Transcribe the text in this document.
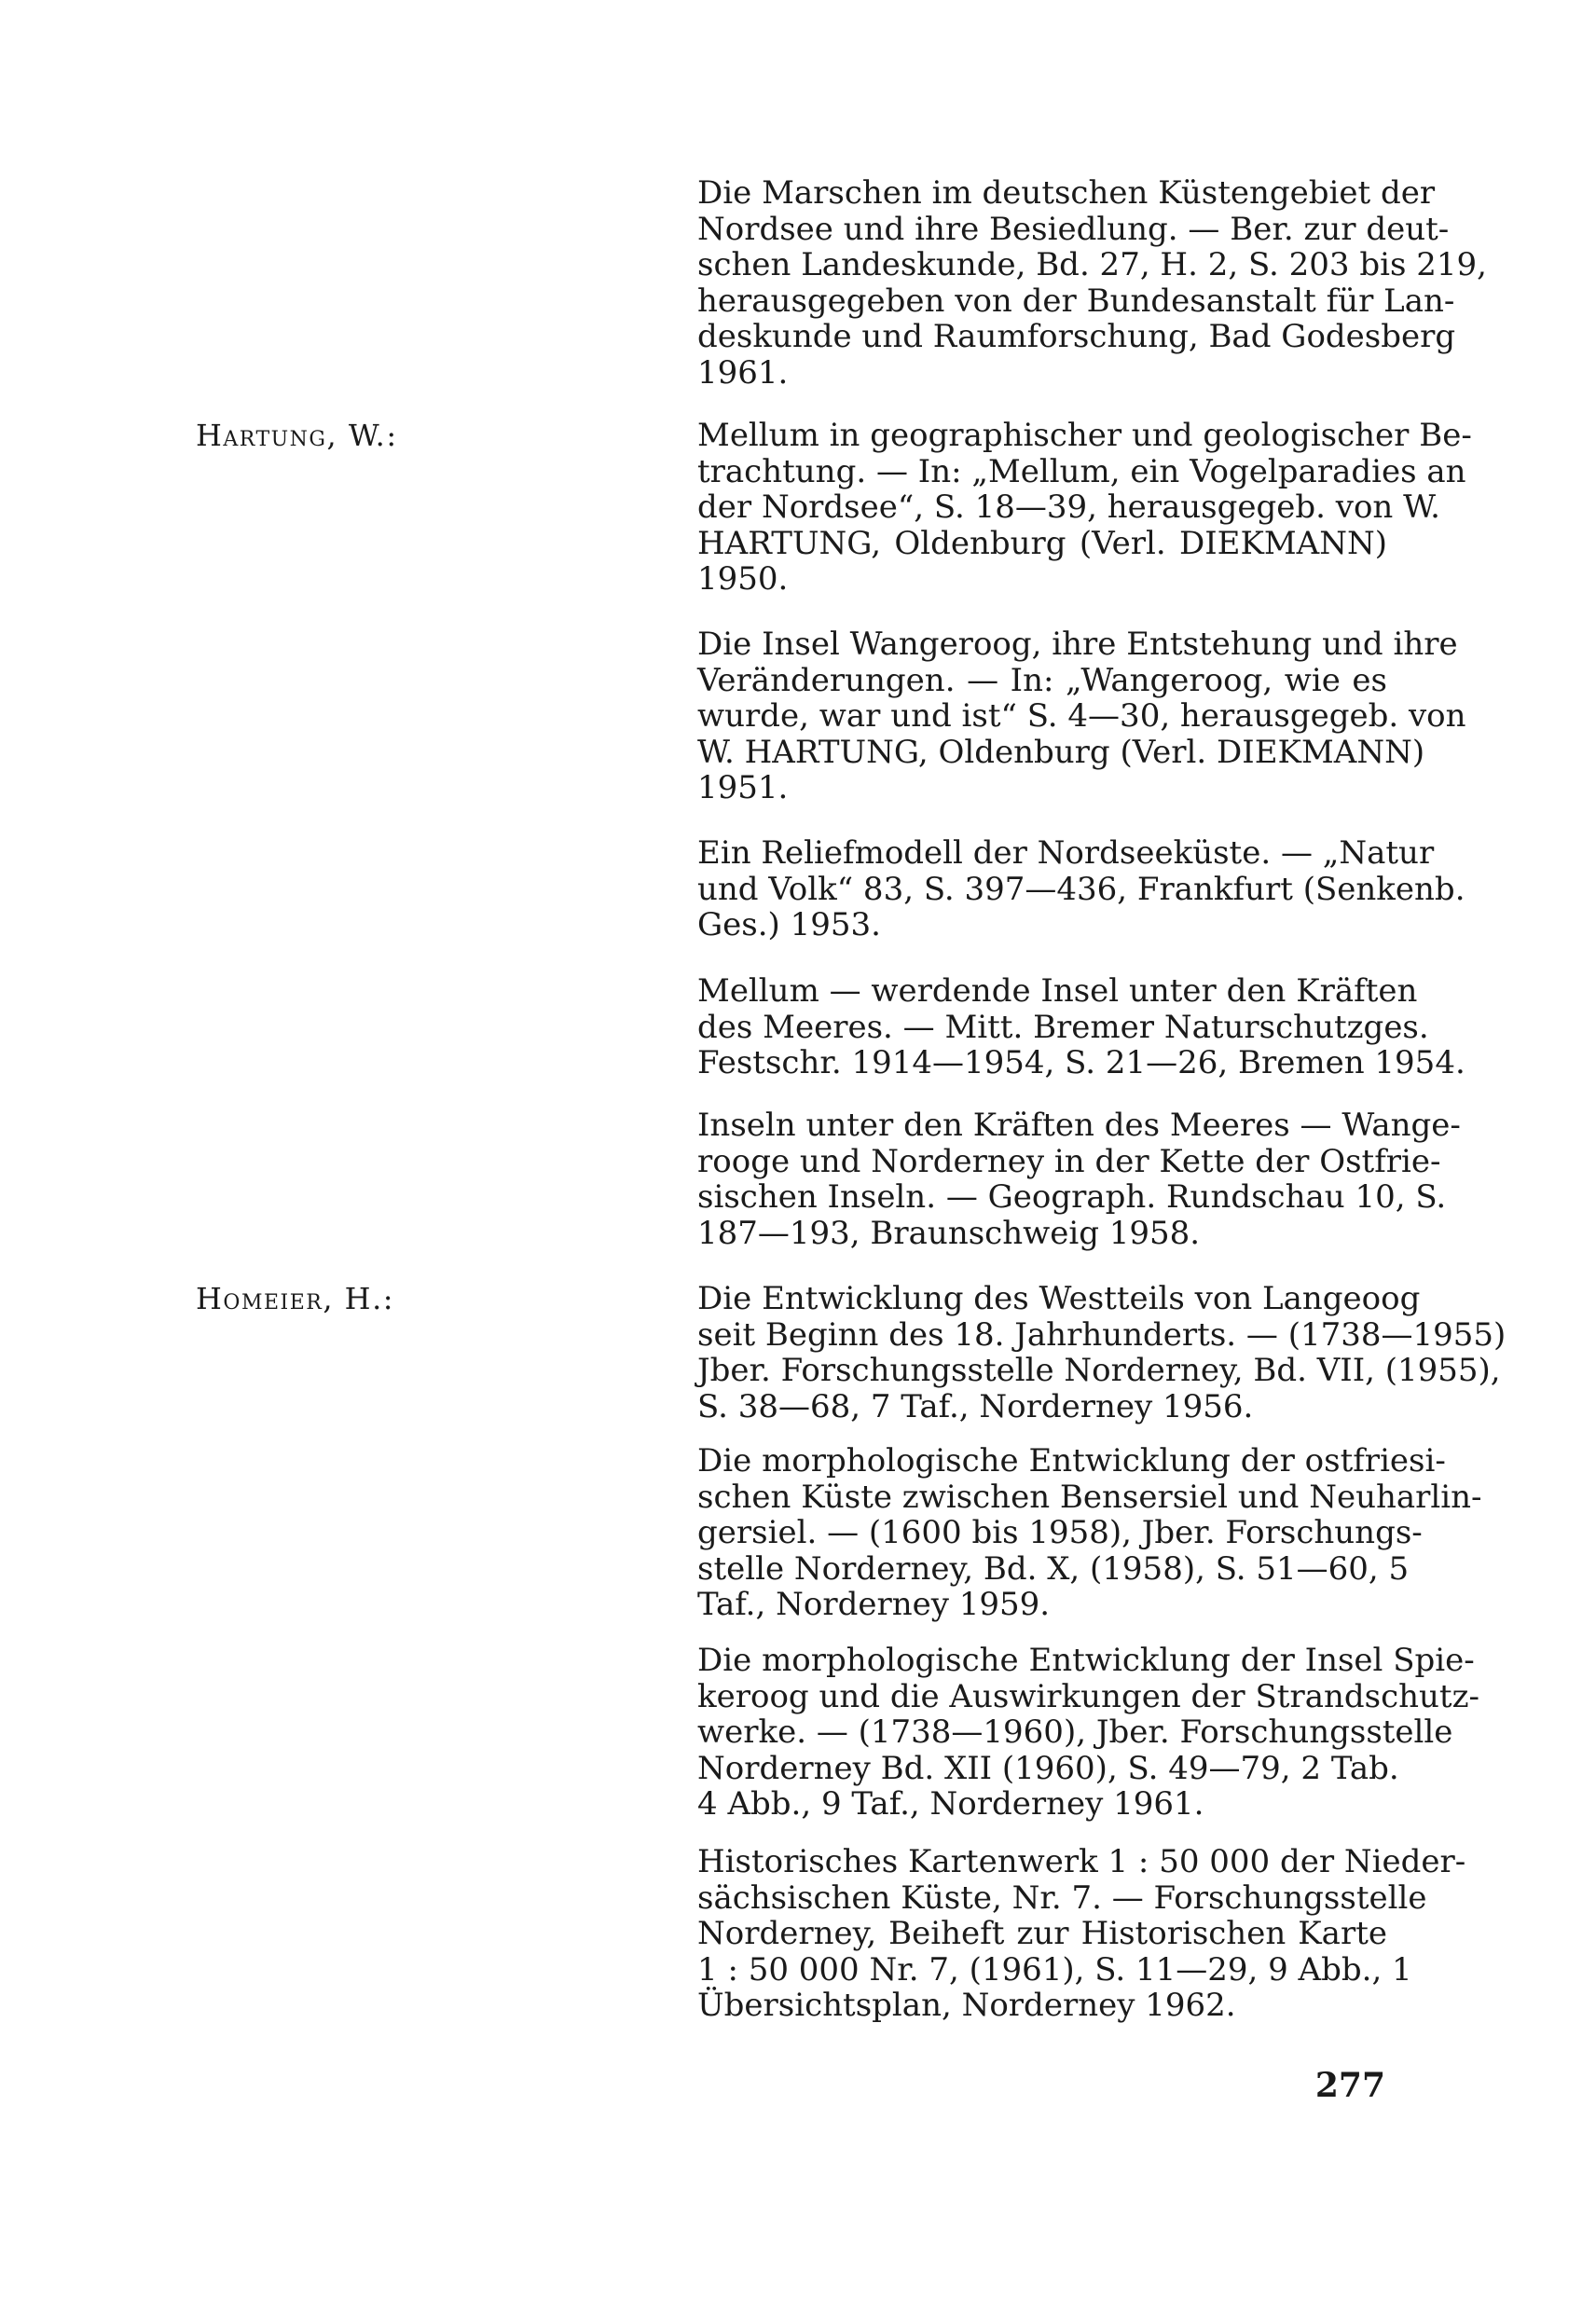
Hartung, W.:
Homeier, H.:
Die Marschen im deutschen Küstengebiet der
Nordsee und ihre Besiedlung. — Ber. zur deut-
schen Landeskunde, Bd. 27, H. 2, S. 203 bis 219,
herausgegeben von der Bundesanstalt für Lan-
deskunde und Raumforschung, Bad Godesberg
1961.
Mellum in geographischer und geologischer Be-
trachtung. — In: „Mellum, ein Vogelparadies an
der Nordsee“, S. 18—39, herausgegeb. von W.
HARTUNG, Oldenburg (Verl. DIEKMANN)
1950.
Die Insel Wangeroog, ihre Entstehung und ihre
Veränderungen. — In: „Wangeroog, wie es
wurde, war und ist“ S. 4—30, herausgegeb. von
W. HARTUNG, Oldenburg (Verl. DIEKMANN)
1951.
Ein Reliefmodell der Nordseeküste. — „Natur
und Volk“ 83, S. 397—436, Frankfurt (Senkenb.
Ges.) 1953.
Mellum — werdende Insel unter den Kräften
des Meeres. — Mitt. Bremer Naturschutzges.
Festschr. 1914—1954, S. 21—26, Bremen 1954.
Inseln unter den Kräften des Meeres — Wange-
rooge und Norderney in der Kette der Ostfrie-
sischen Inseln. — Geograph. Rundschau 10, S.
187—193, Braunschweig 1958.
Die Entwicklung des Westteils von Langeoog
seit Beginn des 18. Jahrhunderts. — (1738—1955)
Jber. Forschungsstelle Norderney, Bd. VII, (1955),
S. 38—68, 7 Taf., Norderney 1956.
Die morphologische Entwicklung der ostfriesi-
schen Küste zwischen Bensersiel und Neuharlin-
gersiel. — (1600 bis 1958), Jber. Forschungs-
stelle Norderney, Bd. X, (1958), S. 51—60, 5
Taf., Norderney 1959.
Die morphologische Entwicklung der Insel Spie-
keroog und die Auswirkungen der Strandschutz-
werke. — (1738—1960), Jber. Forschungsstelle
Norderney Bd. XII (1960), S. 49—79, 2 Tab.
4 Abb., 9 Taf., Norderney 1961.
Historisches Kartenwerk 1 : 50 000 der Nieder-
sächsischen Küste, Nr. 7. — Forschungsstelle
Norderney, Beiheft zur Historischen Karte
1 : 50 000 Nr. 7, (1961), S. 11—29, 9 Abb., 1
Übersichtsplan, Norderney 1962.
277
